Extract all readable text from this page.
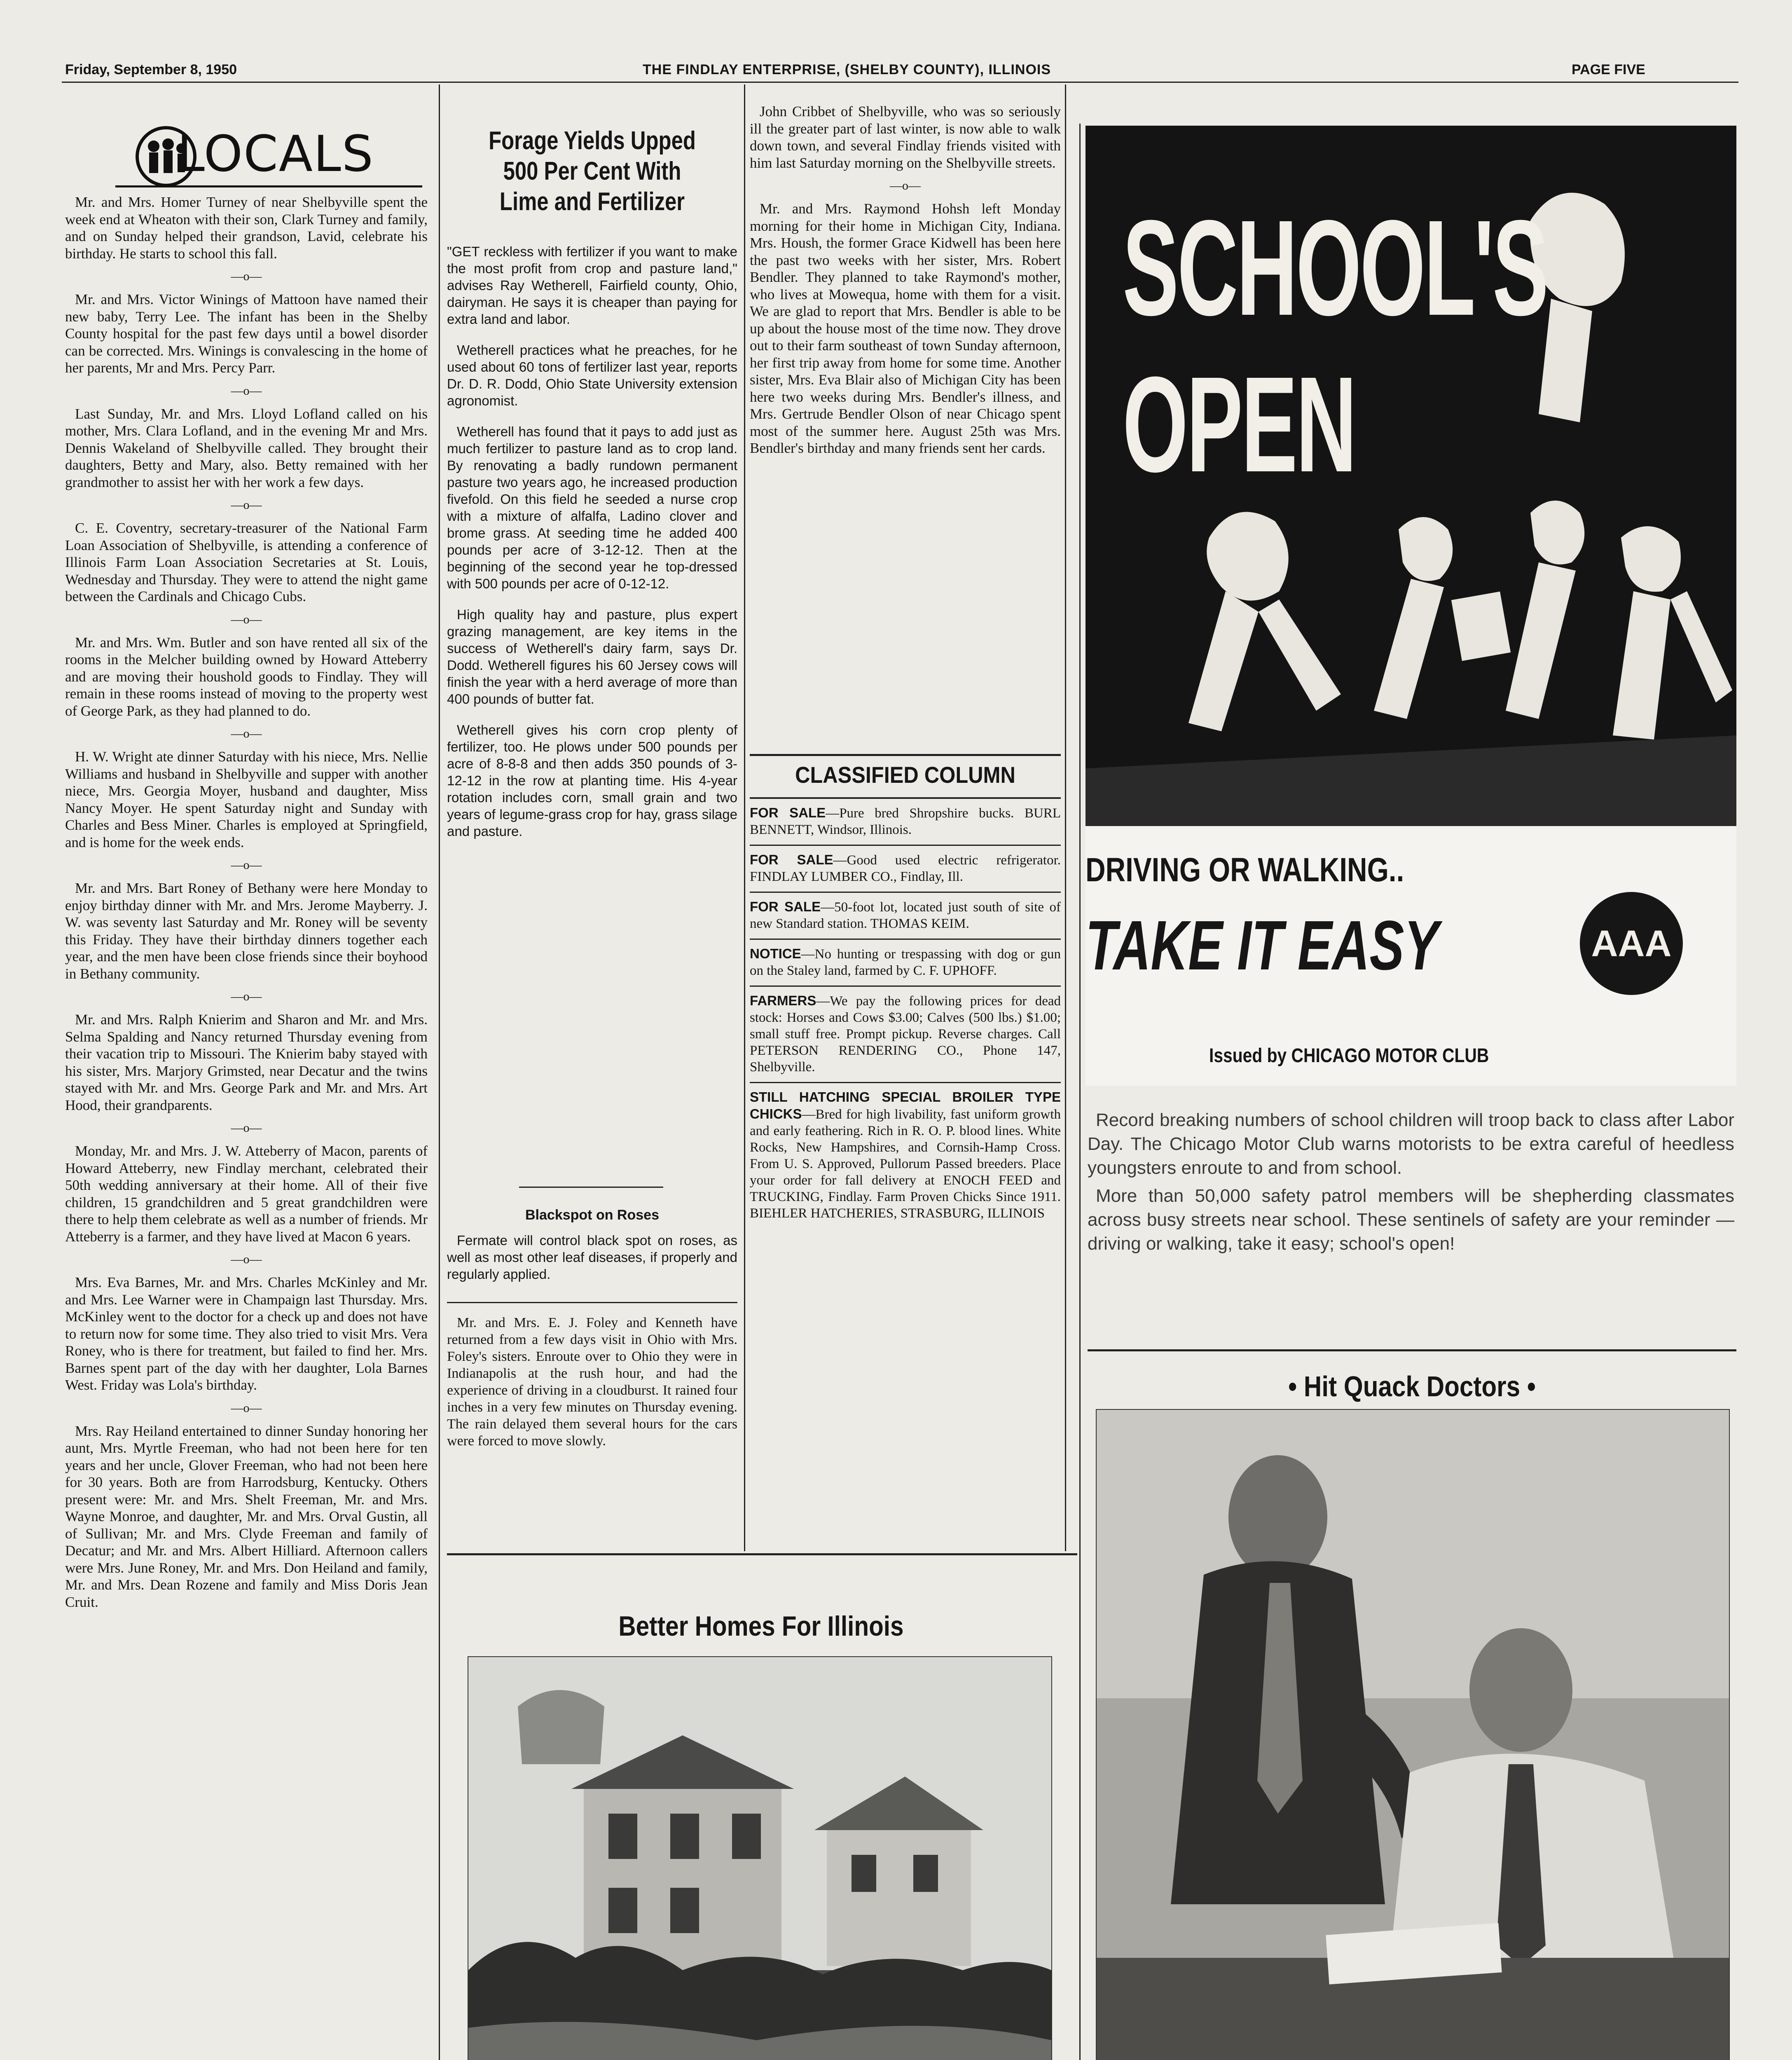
Friday, September 8, 1950	THE FINDLAY ENTERPRISE, (SHELBY COUNTY), ILLINOIS	PAGE FIVE
LOCALS

Mr. and Mrs. Homer Turney of near Shelbyville spent the week end at Wheaton with their son, Clark Turney and family, and on Sunday helped their grandson, Lavid, celebrate his birthday. He starts to school this fall.

—o—

Mr. and Mrs. Victor Winings of Mattoon have named their new baby, Terry Lee. The infant has been in the Shelby County hospital for the past few days until a bowel disorder can be corrected. Mrs. Winings is convalescing in the home of her parents, Mr and Mrs. Percy Parr.

—o—

Last Sunday, Mr. and Mrs. Lloyd Lofland called on his mother, Mrs. Clara Lofland, and in the evening Mr and Mrs. Dennis Wakeland of Shelbyville called. They brought their daughters, Betty and Mary, also. Betty remained with her grandmother to assist her with her work a few days.

—o—

C. E. Coventry, secretary-treasurer of the National Farm Loan Association of Shelbyville, is attending a conference of Illinois Farm Loan Association Secretaries at St. Louis, Wednesday and Thursday. They were to attend the night game between the Cardinals and Chicago Cubs.

—o—

Mr. and Mrs. Wm. Butler and son have rented all six of the rooms in the Melcher building owned by Howard Atteberry and are moving their houshold goods to Findlay. They will remain in these rooms instead of moving to the property west of George Park, as they had planned to do.

—o—

H. W. Wright ate dinner Saturday with his niece, Mrs. Nellie Williams and husband in Shelbyville and supper with another niece, Mrs. Georgia Moyer, husband and daughter, Miss Nancy Moyer. He spent Saturday night and Sunday with Charles and Bess Miner. Charles is employed at Springfield, and is home for the week ends.

—o—

Mr. and Mrs. Bart Roney of Bethany were here Monday to enjoy birthday dinner with Mr. and Mrs. Jerome Mayberry. J. W. was seventy last Saturday and Mr. Roney will be seventy this Friday. They have their birthday dinners together each year, and the men have been close friends since their boyhood in Bethany community.

—o—

Mr. and Mrs. Ralph Knierim and Sharon and Mr. and Mrs. Selma Spalding and Nancy returned Thursday evening from their vacation trip to Missouri. The Knierim baby stayed with his sister, Mrs. Marjory Grimsted, near Decatur and the twins stayed with Mr. and Mrs. George Park and Mr. and Mrs. Art Hood, their grandparents.

—o—

Monday, Mr. and Mrs. J. W. Atteberry of Macon, parents of Howard Atteberry, new Findlay merchant, celebrated their 50th wedding anniversary at their home. All of their five children, 15 grandchildren and 5 great grandchildren were there to help them celebrate as well as a number of friends. Mr Atteberry is a farmer, and they have lived at Macon 6 years.

—o—

Mrs. Eva Barnes, Mr. and Mrs. Charles McKinley and Mr. and Mrs. Lee Warner were in Champaign last Thursday. Mrs. McKinley went to the doctor for a check up and does not have to return now for some time. They also tried to visit Mrs. Vera Roney, who is there for treatment, but failed to find her. Mrs. Barnes spent part of the day with her daughter, Lola Barnes West. Friday was Lola's birthday.

—o—

Mrs. Ray Heiland entertained to dinner Sunday honoring her aunt, Mrs. Myrtle Freeman, who had not been here for ten years and her uncle, Glover Freeman, who had not been here for 30 years. Both are from Harrodsburg, Kentucky. Others present were: Mr. and Mrs. Shelt Freeman, Mr. and Mrs. Wayne Monroe, and daughter, Mr. and Mrs. Orval Gustin, all of Sullivan; Mr. and Mrs. Clyde Freeman and family of Decatur; and Mr. and Mrs. Albert Hilliard. Afternoon callers were Mrs. June Roney, Mr. and Mrs. Don Heiland and family, Mr. and Mrs. Dean Rozene and family and Miss Doris Jean Cruit.

Forage Yields Upped
500 Per Cent With
Lime and Fertilizer

"GET reckless with fertilizer if you want to make the most profit from crop and pasture land," advises Ray Wetherell, Fairfield county, Ohio, dairyman. He says it is cheaper than paying for extra land and labor.

Wetherell practices what he preaches, for he used about 60 tons of fertilizer last year, reports Dr. D. R. Dodd, Ohio State University extension agronomist.

Wetherell has found that it pays to add just as much fertilizer to pasture land as to crop land. By renovating a badly rundown permanent pasture two years ago, he increased production fivefold. On this field he seeded a nurse crop with a mixture of alfalfa, Ladino clover and brome grass. At seeding time he added 400 pounds per acre of 3-12-12. Then at the beginning of the second year he top-dressed with 500 pounds per acre of 0-12-12.

High quality hay and pasture, plus expert grazing management, are key items in the success of Wetherell's dairy farm, says Dr. Dodd. Wetherell figures his 60 Jersey cows will finish the year with a herd average of more than 400 pounds of butter fat.

Wetherell gives his corn crop plenty of fertilizer, too. He plows under 500 pounds per acre of 8-8-8 and then adds 350 pounds of 3-12-12 in the row at planting time. His 4-year rotation includes corn, small grain and two years of legume-grass crop for hay, grass silage and pasture.

Blackspot on Roses

Fermate will control black spot on roses, as well as most other leaf diseases, if properly and regularly applied.

Mr. and Mrs. E. J. Foley and Kenneth have returned from a few days visit in Ohio with Mrs. Foley's sisters. Enroute over to Ohio they were in Indianapolis at the rush hour, and had the experience of driving in a cloudburst. It rained four inches in a very few minutes on Thursday evening. The rain delayed them several hours for the cars were forced to move slowly.

John Cribbet of Shelbyville, who was so seriously ill the greater part of last winter, is now able to walk down town, and several Findlay friends visited with him last Saturday morning on the Shelbyville streets.

—o—

Mr. and Mrs. Raymond Hohsh left Monday morning for their home in Michigan City, Indiana. Mrs. Housh, the former Grace Kidwell has been here the past two weeks with her sister, Mrs. Robert Bendler. They planned to take Raymond's mother, who lives at Mowequa, home with them for a visit. We are glad to report that Mrs. Bendler is able to be up about the house most of the time now. They drove out to their farm southeast of town Sunday afternoon, her first trip away from home for some time. Another sister, Mrs. Eva Blair also of Michigan City has been here two weeks during Mrs. Bendler's illness, and Mrs. Gertrude Bendler Olson of near Chicago spent most of the summer here. August 25th was Mrs. Bendler's birthday and many friends sent her cards.

CLASSIFIED COLUMN
FOR SALE—Pure bred Shropshire bucks. BURL BENNETT, Windsor, Illinois.
FOR SALE—Good used electric refrigerator. FINDLAY LUMBER CO., Findlay, Ill.
FOR SALE—50-foot lot, located just south of site of new Standard station. THOMAS KEIM.
NOTICE—No hunting or trespassing with dog or gun on the Staley land, farmed by C. F. UPHOFF.
FARMERS—We pay the following prices for dead stock: Horses and Cows $3.00; Calves (500 lbs.) $1.00; small stuff free. Prompt pickup. Reverse charges. Call PETERSON RENDERING CO., Phone 147, Shelbyville.
STILL HATCHING SPECIAL BROILER TYPE CHICKS—Bred for high livability, fast uniform growth and early feathering. Rich in R. O. P. blood lines. White Rocks, New Hampshires, and Cornsih-Hamp Cross. From U. S. Approved, Pullorum Passed breeders. Place your order for fall delivery at ENOCH FEED and TRUCKING, Findlay. Farm Proven Chicks Since 1911. BIEHLER HATCHERIES, STRASBURG, ILLINOIS
SCHOOL'S
OPEN
DRIVING OR WALKING..
TAKE IT EASY	AAA
Issued by CHICAGO MOTOR CLUB

Record breaking numbers of school children will troop back to class after Labor Day. The Chicago Motor Club warns motorists to be extra careful of heedless youngsters enroute to and from school.

More than 50,000 safety patrol members will be shepherding classmates across busy streets near school. These sentinels of safety are your reminder — driving or walking, take it easy; school's open!

Better Homes For Illinois

• Hit Quack Doctors •
